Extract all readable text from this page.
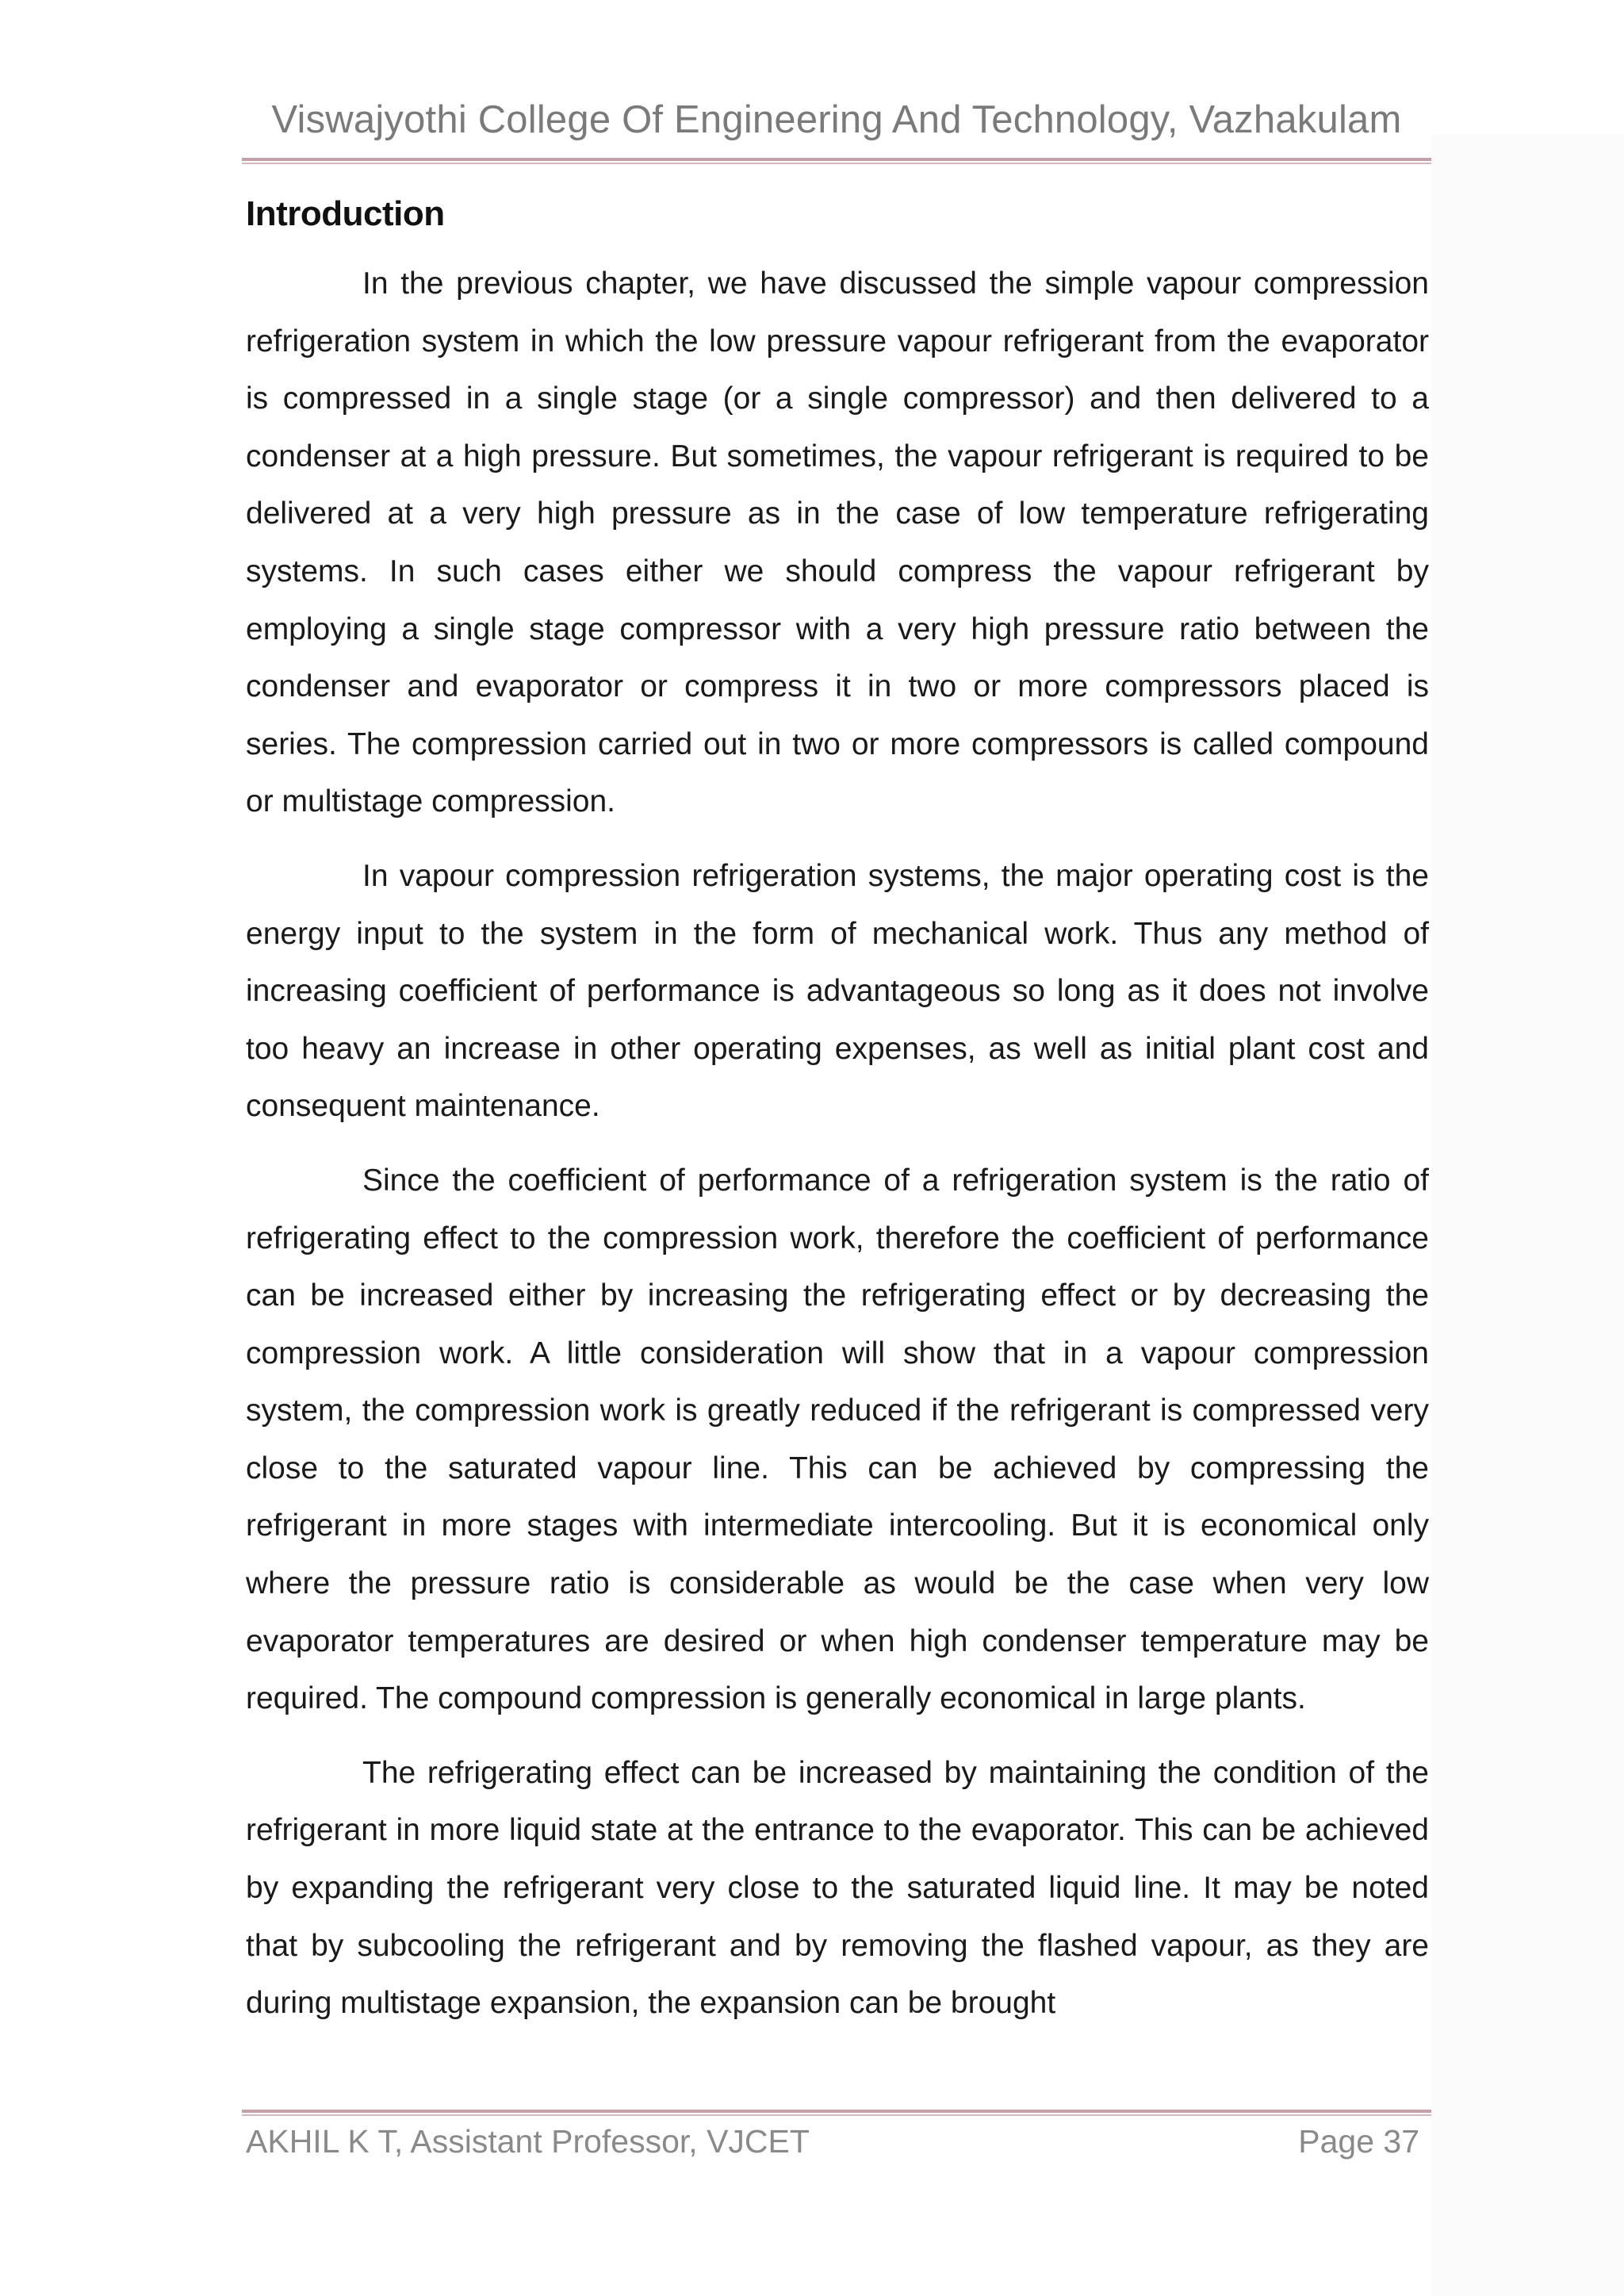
Viswajyothi College Of Engineering And Technology, Vazhakulam
Introduction

In the previous chapter, we have discussed the simple vapour compression refrigeration system in which the low pressure vapour refrigerant from the evaporator is compressed in a single stage (or a single compressor) and then delivered to a condenser at a high pressure. But sometimes, the vapour refrigerant is required to be delivered at a very high pressure as in the case of low temperature refrigerating systems. In such cases either we should compress the vapour refrigerant by employing a single stage compressor with a very high pressure ratio between the condenser and evaporator or compress it in two or more compressors placed is series. The compression carried out in two or more compressors is called compound or multistage compression.

In vapour compression refrigeration systems, the major operating cost is the energy input to the system in the form of mechanical work. Thus any method of increasing coefficient of performance is advantageous so long as it does not involve too heavy an increase in other operating expenses, as well as initial plant cost and consequent maintenance.

Since the coefficient of performance of a refrigeration system is the ratio of refrigerating effect to the compression work, therefore the coefficient of performance can be increased either by increasing the refrigerating effect or by decreasing the compression work. A little consideration will show that in a vapour compression system, the compression work is greatly reduced if the refrigerant is compressed very close to the saturated vapour line. This can be achieved by compressing the refrigerant in more stages with intermediate intercooling. But it is economical only where the pressure ratio is considerable as would be the case when very low evaporator temperatures are desired or when high condenser temperature may be required. The compound compression is generally economical in large plants.

The refrigerating effect can be increased by maintaining the condition of the refrigerant in more liquid state at the entrance to the evaporator. This can be achieved by expanding the refrigerant very close to the saturated liquid line. It may be noted that by subcooling the refrigerant and by removing the flashed vapour, as they are during multistage expansion, the expansion can be brought

AKHIL K T, Assistant Professor, VJCET	Page 37
